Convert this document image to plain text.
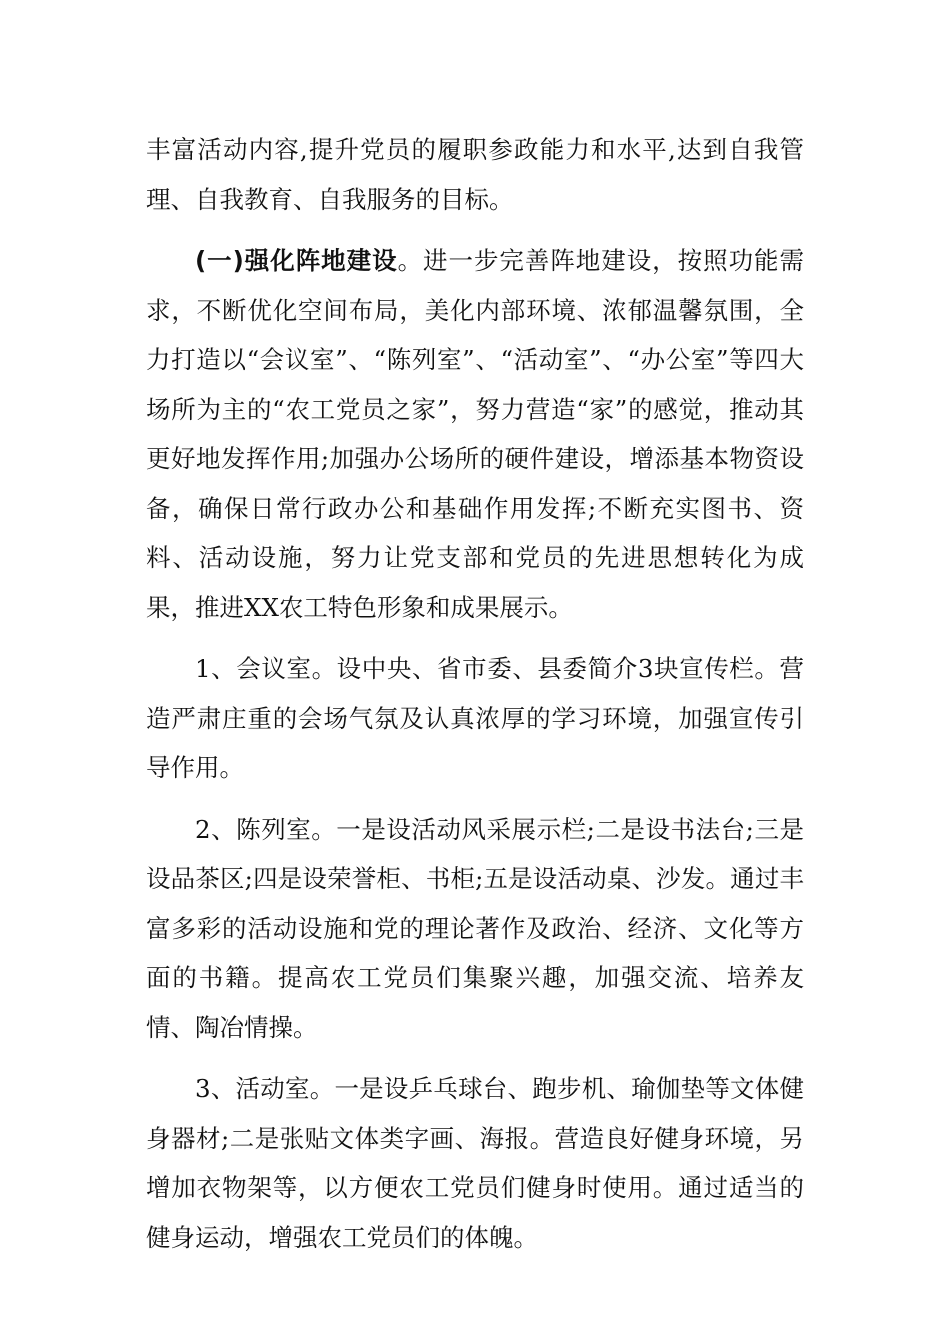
丰富活动内容,提升党员的履职参政能力和水平,达到自我管理、自我教育、自我服务的目标。

(一)强化阵地建设。进一步完善阵地建设，按照功能需求，不断优化空间布局，美化内部环境、浓郁温馨氛围，全力打造以“会议室”、“陈列室”、“活动室”、“办公室”等四大场所为主的“农工党员之家”，努力营造“家”的感觉，推动其更好地发挥作用;加强办公场所的硬件建设，增添基本物资设备，确保日常行政办公和基础作用发挥;不断充实图书、资料、活动设施，努力让党支部和党员的先进思想转化为成果，推进XX农工特色形象和成果展示。

1、会议室。设中央、省市委、县委简介3块宣传栏。营造严肃庄重的会场气氛及认真浓厚的学习环境，加强宣传引导作用。

2、陈列室。一是设活动风采展示栏;二是设书法台;三是设品茶区;四是设荣誉柜、书柜;五是设活动桌、沙发。通过丰富多彩的活动设施和党的理论著作及政治、经济、文化等方面的书籍。提高农工党员们集聚兴趣，加强交流、培养友情、陶冶情操。

3、活动室。一是设乒乓球台、跑步机、瑜伽垫等文体健身器材;二是张贴文体类字画、海报。营造良好健身环境，另增加衣物架等，以方便农工党员们健身时使用。通过适当的健身运动，增强农工党员们的体魄。
